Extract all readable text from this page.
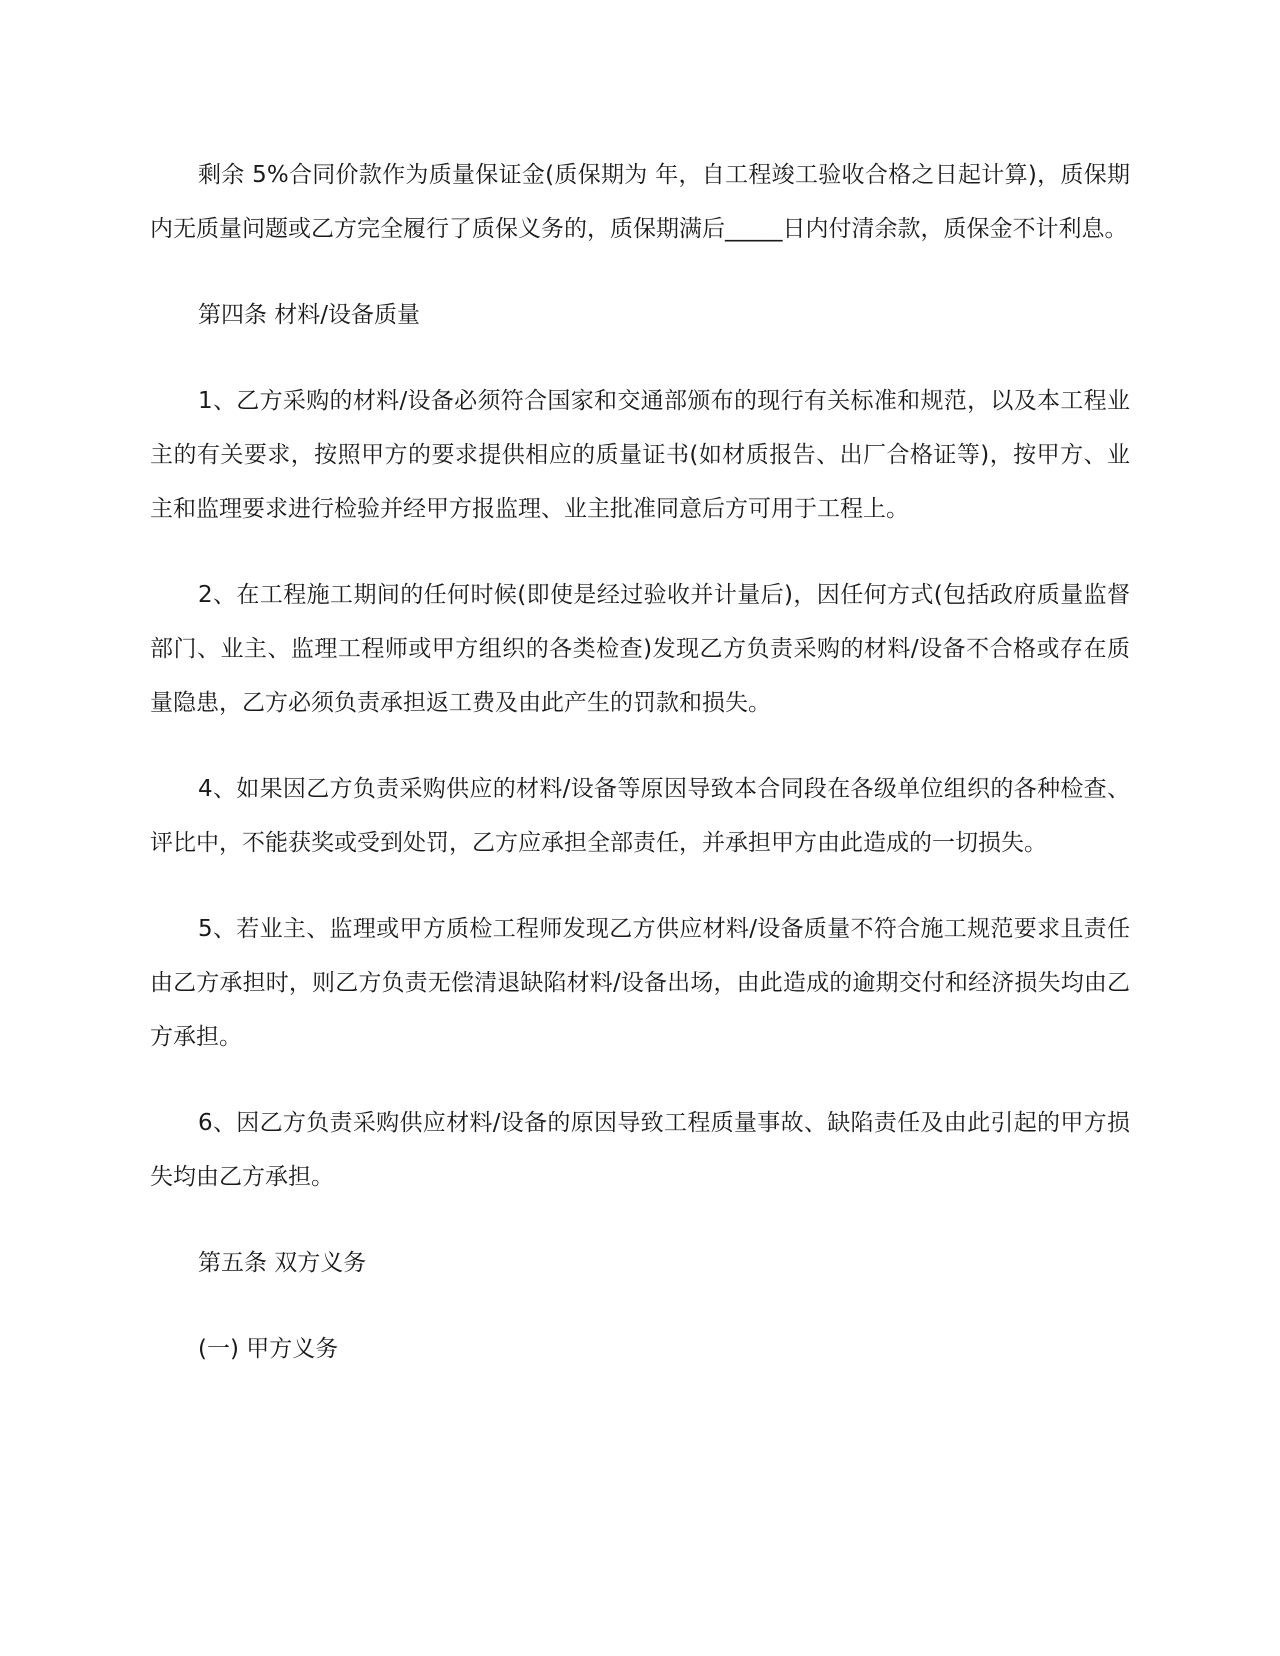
剩余 5%合同价款作为质量保证金(质保期为 年，自工程竣工验收合格之日起计算)，质保期内无质量问题或乙方完全履行了质保义务的，质保期满后_____日内付清余款，质保金不计利息。

第四条 材料/设备质量

1、乙方采购的材料/设备必须符合国家和交通部颁布的现行有关标准和规范，以及本工程业主的有关要求，按照甲方的要求提供相应的质量证书(如材质报告、出厂合格证等)，按甲方、业主和监理要求进行检验并经甲方报监理、业主批准同意后方可用于工程上。

2、在工程施工期间的任何时候(即使是经过验收并计量后)，因任何方式(包括政府质量监督部门、业主、监理工程师或甲方组织的各类检查)发现乙方负责采购的材料/设备不合格或存在质量隐患，乙方必须负责承担返工费及由此产生的罚款和损失。

4、如果因乙方负责采购供应的材料/设备等原因导致本合同段在各级单位组织的各种检查、评比中，不能获奖或受到处罚，乙方应承担全部责任，并承担甲方由此造成的一切损失。

5、若业主、监理或甲方质检工程师发现乙方供应材料/设备质量不符合施工规范要求且责任由乙方承担时，则乙方负责无偿清退缺陷材料/设备出场，由此造成的逾期交付和经济损失均由乙方承担。

6、因乙方负责采购供应材料/设备的原因导致工程质量事故、缺陷责任及由此引起的甲方损失均由乙方承担。

第五条 双方义务

(一) 甲方义务
